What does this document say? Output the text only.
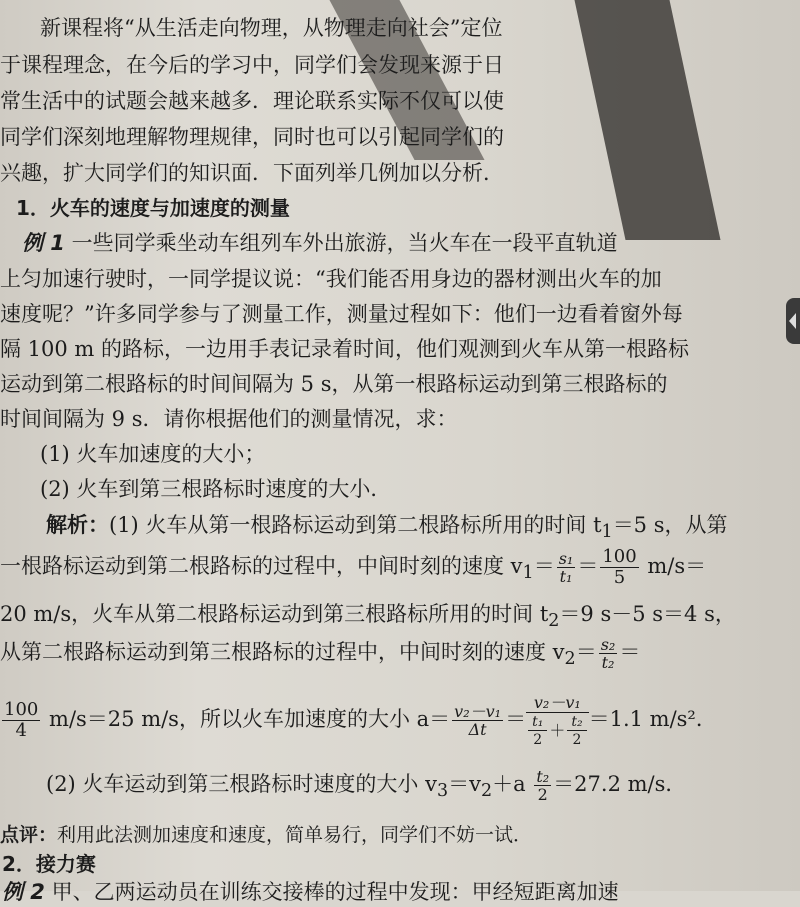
新课程将“从生活走向物理，从物理走向社会”定位
于课程理念，在今后的学习中，同学们会发现来源于日
常生活中的试题会越来越多．理论联系实际不仅可以使
同学们深刻地理解物理规律，同时也可以引起同学们的
兴趣，扩大同学们的知识面．下面列举几例加以分析．
1．火车的速度与加速度的测量
例 1 一些同学乘坐动车组列车外出旅游，当火车在一段平直轨道
上匀加速行驶时，一同学提议说：“我们能否用身边的器材测出火车的加
速度呢？”许多同学参与了测量工作，测量过程如下：他们一边看着窗外每
隔 100 m 的路标，一边用手表记录着时间，他们观测到火车从第一根路标
运动到第二根路标的时间间隔为 5 s，从第一根路标运动到第三根路标的
时间间隔为 9 s．请你根据他们的测量情况，求：
(1) 火车加速度的大小；
(2) 火车到第三根路标时速度的大小．
解析：(1) 火车从第一根路标运动到第二根路标所用的时间 $t_1=5$ s，从第
一根路标运动到第二根路标的过程中，中间时刻的速度 $v_1= \frac{\text{s₁}}{\text{t₁}} = \frac{100}{5} m/s=$
20 m/s，火车从第二根路标运动到第三根路标所用的时间 $t_2=9$ s－5 s＝4 s，
从第二根路标运动到第三根路标的过程中，中间时刻的速度 $v_2= \frac{\text{s₂}}{\text{t₂}}$ ＝
$\frac{100}{4} m/s=25$ m/s，所以火车加速度的大小 $a= \frac{\text{v₂－v₁}}{\Delta t} = \frac{\text{v₂－v₁}}{\frac{\text{t₁}}{2} + \frac{\text{t₂}}{2}} =1.1$ m/s²．
(2) 火车运动到第三根路标时速度的大小 $v_3=v_2+a \frac{\text{t₂}}{2} =27.2$ m/s．
点评：利用此法测加速度和速度，简单易行，同学们不妨一试．
2．接力赛
例 2 甲、乙两运动员在训练交接棒的过程中发现：甲经短距离加速
